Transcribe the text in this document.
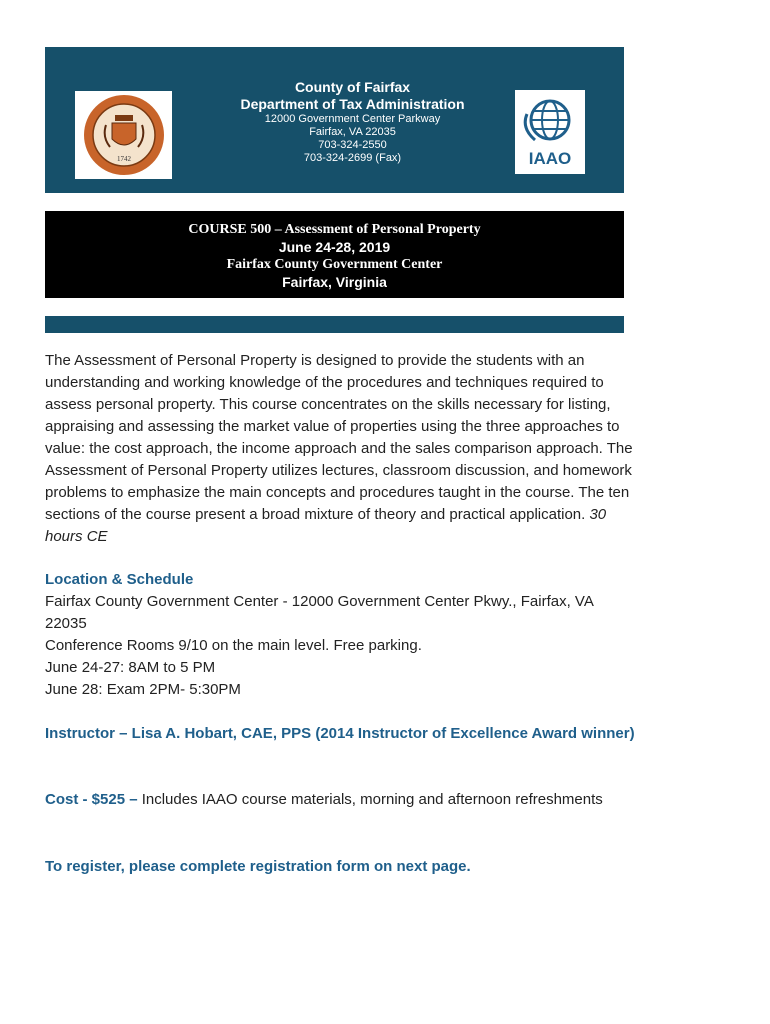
1742
County of Fairfax
Department of Tax Administration
12000 Government Center Parkway
Fairfax, VA 22035
703-324-2550
703-324-2699 (Fax)	IAAO
COURSE 500 – Assessment of Personal Property
June 24-28, 2019
Fairfax County Government Center
Fairfax, Virginia

The Assessment of Personal Property is designed to provide the students with an understanding and working knowledge of the procedures and techniques required to assess personal property. This course concentrates on the skills necessary for listing, appraising and assessing the market value of properties using the three approaches to value: the cost approach, the income approach and the sales comparison approach. The Assessment of Personal Property utilizes lectures, classroom discussion, and homework problems to emphasize the main concepts and procedures taught in the course. The ten sections of the course present a broad mixture of theory and practical application. 30 hours CE

Location & Schedule

Fairfax County Government Center - 12000 Government Center Pkwy., Fairfax, VA 22035

Conference Rooms 9/10 on the main level. Free parking.

June 24-27: 8AM to 5 PM

June 28: Exam 2PM- 5:30PM

Instructor – Lisa A. Hobart, CAE, PPS (2014 Instructor of Excellence Award winner)

Cost - $525 – Includes IAAO course materials, morning and afternoon refreshments

To register, please complete registration form on next page.
